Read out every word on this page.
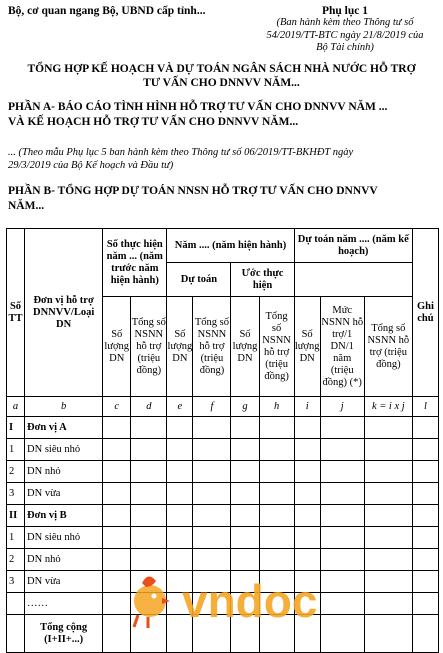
Bộ, cơ quan ngang Bộ, UBND cấp tỉnh...	Phụ lục 1
(Ban hành kèm theo Thông tư số
54/2019/TT-BTC ngày 21/8/2019 của
Bộ Tài chính)
TỔNG HỢP KẾ HOẠCH VÀ DỰ TOÁN NGÂN SÁCH NHÀ NƯỚC HỖ TRỢ
TƯ VẤN CHO DNNVV NĂM...
PHẦN A- BÁO CÁO TÌNH HÌNH HỖ TRỢ TƯ VẤN CHO DNNVV NĂM ...
VÀ KẾ HOẠCH HỖ TRỢ TƯ VẤN CHO DNNVV NĂM...
... (Theo mẫu Phụ lục 5 ban hành kèm theo Thông tư số 06/2019/TT-BKHĐT ngày
29/3/2019 của Bộ Kế hoạch và Đầu tư)
PHẦN B- TỔNG HỢP DỰ TOÁN NNSN HỖ TRỢ TƯ VẤN CHO DNNVV
NĂM...
Số TT	Đơn vị hỗ trợ DNNVV/Loại DN	Số thực hiện năm ... (năm trước năm hiện hành)		Năm .... (năm hiện hành)				Dự toán năm .... (năm kế hoạch)			Ghi chú
				Dự toán		Ước thực hiện					
		Số lượng DN	Tổng số NSNN hỗ trợ (triệu đồng)	Số lượng DN	Tổng số NSNN hỗ trợ (triệu đồng)	Số lượng DN	Tổng số NSNN hỗ trợ (triệu đồng)	Số lượng DN	Mức NSNN hỗ trợ/1 DN/1 năm (triệu đồng) (*)	Tổng số NSNN hỗ trợ (triệu đồng)	
a	b	c	d	e	f	g	h	i	j	k = i x j	l
I	Đơn vị A										
1	DN siêu nhỏ										
2	DN nhỏ										
3	DN vừa										
II	Đơn vị B										
1	DN siêu nhỏ										
2	DN nhỏ										
3	DN vừa										
	……										
	Tổng cộng (I+II+...)										
vndoc
